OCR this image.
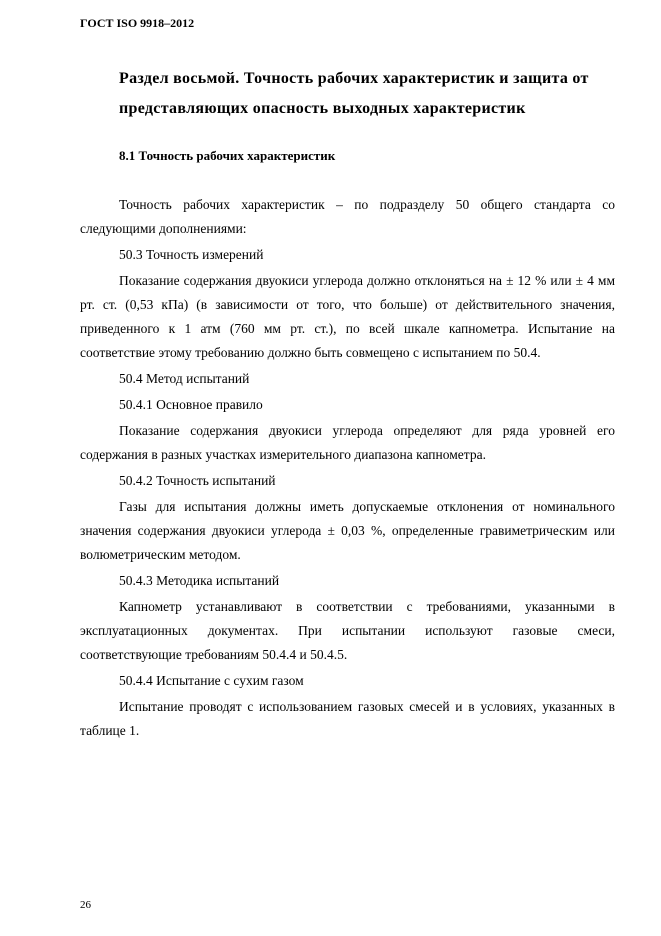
ГОСТ ISO 9918–2012
Раздел восьмой. Точность рабочих характеристик и защита от представляющих опасность выходных характеристик
8.1 Точность рабочих характеристик

Точность рабочих характеристик – по подразделу 50 общего стандарта со следующими дополнениями:

50.3 Точность измерений

Показание содержания двуокиси углерода должно отклоняться на ± 12 % или ± 4 мм рт. ст. (0,53 кПа) (в зависимости от того, что больше) от действительного значения, приведенного к 1 атм (760 мм рт. ст.), по всей шкале капнометра. Испытание на соответствие этому требованию должно быть совмещено с испытанием по 50.4.

50.4 Метод испытаний

50.4.1 Основное правило

Показание содержания двуокиси углерода определяют для ряда уровней его содержания в разных участках измерительного диапазона капнометра.

50.4.2 Точность испытаний

Газы для испытания должны иметь допускаемые отклонения от номинального значения содержания двуокиси углерода ± 0,03 %, определенные гравиметрическим или волюметрическим методом.

50.4.3 Методика испытаний

Капнометр устанавливают в соответствии с требованиями, указанными в эксплуатационных документах. При испытании используют газовые смеси, соответствующие требованиям 50.4.4 и 50.4.5.

50.4.4 Испытание с сухим газом

Испытание проводят с использованием газовых смесей и в условиях, указанных в таблице 1.

26
